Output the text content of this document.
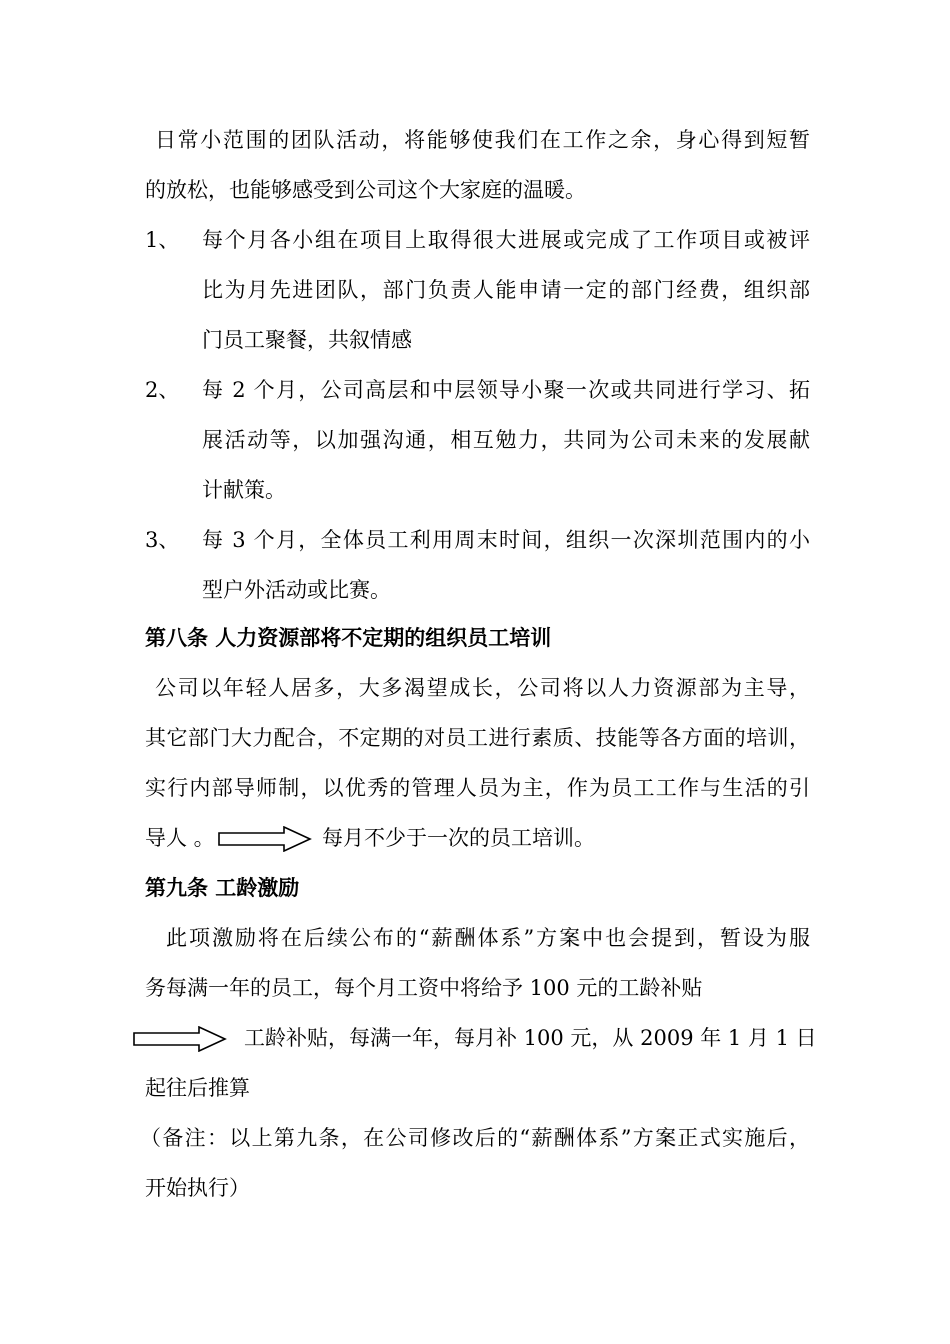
日常小范围的团队活动，将能够使我们在工作之余，身心得到短暂
的放松，也能够感受到公司这个大家庭的温暖。
1、 每个月各小组在项目上取得很大进展或完成了工作项目或被评
比为月先进团队，部门负责人能申请一定的部门经费，组织部
门员工聚餐，共叙情感
2、 每 2 个月，公司高层和中层领导小聚一次或共同进行学习、拓
展活动等，以加强沟通，相互勉力，共同为公司未来的发展献
计献策。
3、 每 3 个月，全体员工利用周末时间，组织一次深圳范围内的小
型户外活动或比赛。
第八条 人力资源部将不定期的组织员工培训
公司以年轻人居多，大多渴望成长，公司将以人力资源部为主导，
其它部门大力配合，不定期的对员工进行素质、技能等各方面的培训，
实行内部导师制，以优秀的管理人员为主，作为员工工作与生活的引
导人 。	每月不少于一次的员工培训。
第九条 工龄激励
此项激励将在后续公布的“薪酬体系”方案中也会提到，暂设为服
务每满一年的员工，每个月工资中将给予 100 元的工龄补贴
工龄补贴，每满一年，每月补 100 元，从 2009 年 1 月 1 日
起往后推算
（备注：以上第九条，在公司修改后的“薪酬体系”方案正式实施后，
开始执行）
